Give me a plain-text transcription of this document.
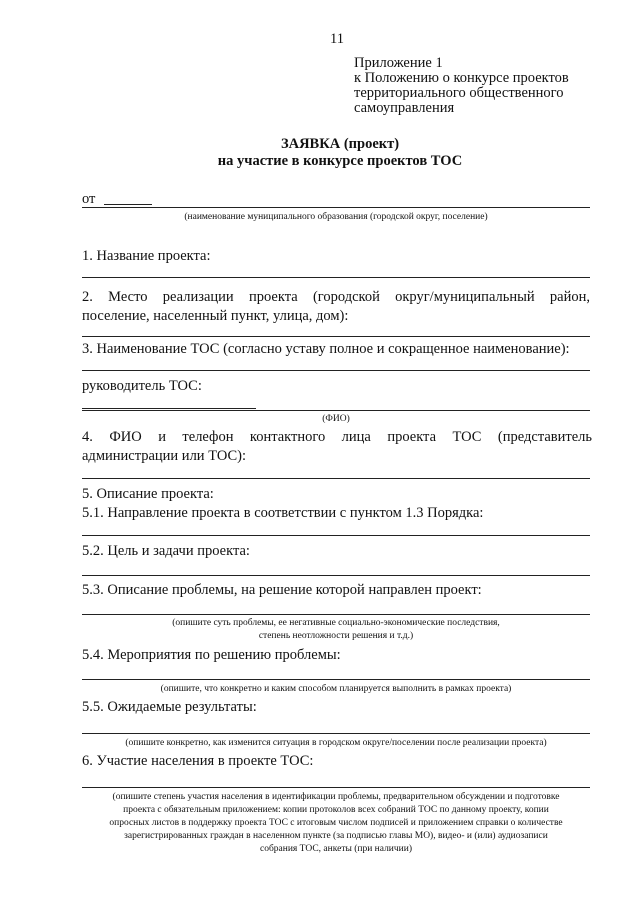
11
Приложение 1
к Положению о конкурсе проектов
территориального общественного
самоуправления
ЗАЯВКА (проект)
на участие в конкурсе проектов ТОС
от
(наименование муниципального образования (городской округ, поселение)
1. Название проекта:
2. Место реализации проекта (городской округ/муниципальный район,
поселение, населенный пункт, улица, дом):
3. Наименование ТОС (согласно уставу полное и сокращенное наименование):
руководитель ТОС:
(ФИО)
4. ФИО и телефон контактного лица проекта ТОС (представитель
администрации или ТОС):
5. Описание проекта:
5.1. Направление проекта в соответствии с пунктом 1.3 Порядка:
5.2. Цель и задачи проекта:
5.3. Описание проблемы, на решение которой направлен проект:
(опишите суть проблемы, ее негативные социально-экономические последствия,
степень неотложности решения и т.д.)
5.4. Мероприятия по решению проблемы:
(опишите, что конкретно и каким способом планируется выполнить в рамках проекта)
5.5. Ожидаемые результаты:
(опишите конкретно, как изменится ситуация в городском округе/поселении после реализации проекта)
6. Участие населения в проекте ТОС:
(опишите степень участия населения в идентификации проблемы, предварительном обсуждении и подготовке
проекта с обязательным приложением: копии протоколов всех собраний ТОС по данному проекту, копии
опросных листов в поддержку проекта ТОС с итоговым числом подписей и приложением справки о количестве
зарегистрированных граждан в населенном пункте (за подписью главы МО), видео- и (или) аудиозаписи
собрания ТОС, анкеты (при наличии)
